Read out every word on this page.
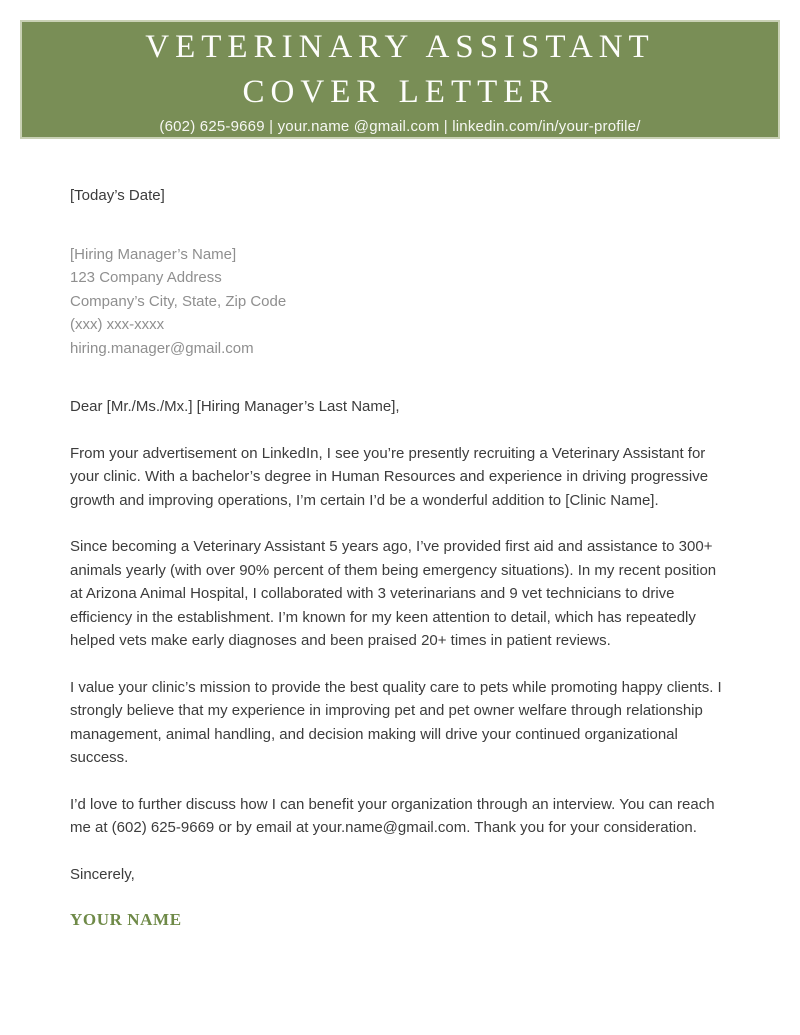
VETERINARY ASSISTANT
COVER LETTER
(602) 625-9669 | your.name @gmail.com | linkedin.com/in/your-profile/

[Today’s Date]

[Hiring Manager’s Name]
123 Company Address
Company’s City, State, Zip Code
(xxx) xxx-xxxx
hiring.manager@gmail.com

Dear [Mr./Ms./Mx.] [Hiring Manager’s Last Name],

From your advertisement on LinkedIn, I see you’re presently recruiting a Veterinary Assistant for your clinic. With a bachelor’s degree in Human Resources and experience in driving progressive growth and improving operations, I’m certain I’d be a wonderful addition to [Clinic Name].

Since becoming a Veterinary Assistant 5 years ago, I’ve provided first aid and assistance to 300+ animals yearly (with over 90% percent of them being emergency situations). In my recent position at Arizona Animal Hospital, I collaborated with 3 veterinarians and 9 vet technicians to drive efficiency in the establishment. I’m known for my keen attention to detail, which has repeatedly helped vets make early diagnoses and been praised 20+ times in patient reviews.

I value your clinic’s mission to provide the best quality care to pets while promoting happy clients. I strongly believe that my experience in improving pet and pet owner welfare through relationship management, animal handling, and decision making will drive your continued organizational success.

I’d love to further discuss how I can benefit your organization through an interview. You can reach me at (602) 625-9669 or by email at your.name@gmail.com. Thank you for your consideration.

Sincerely,

YOUR NAME
